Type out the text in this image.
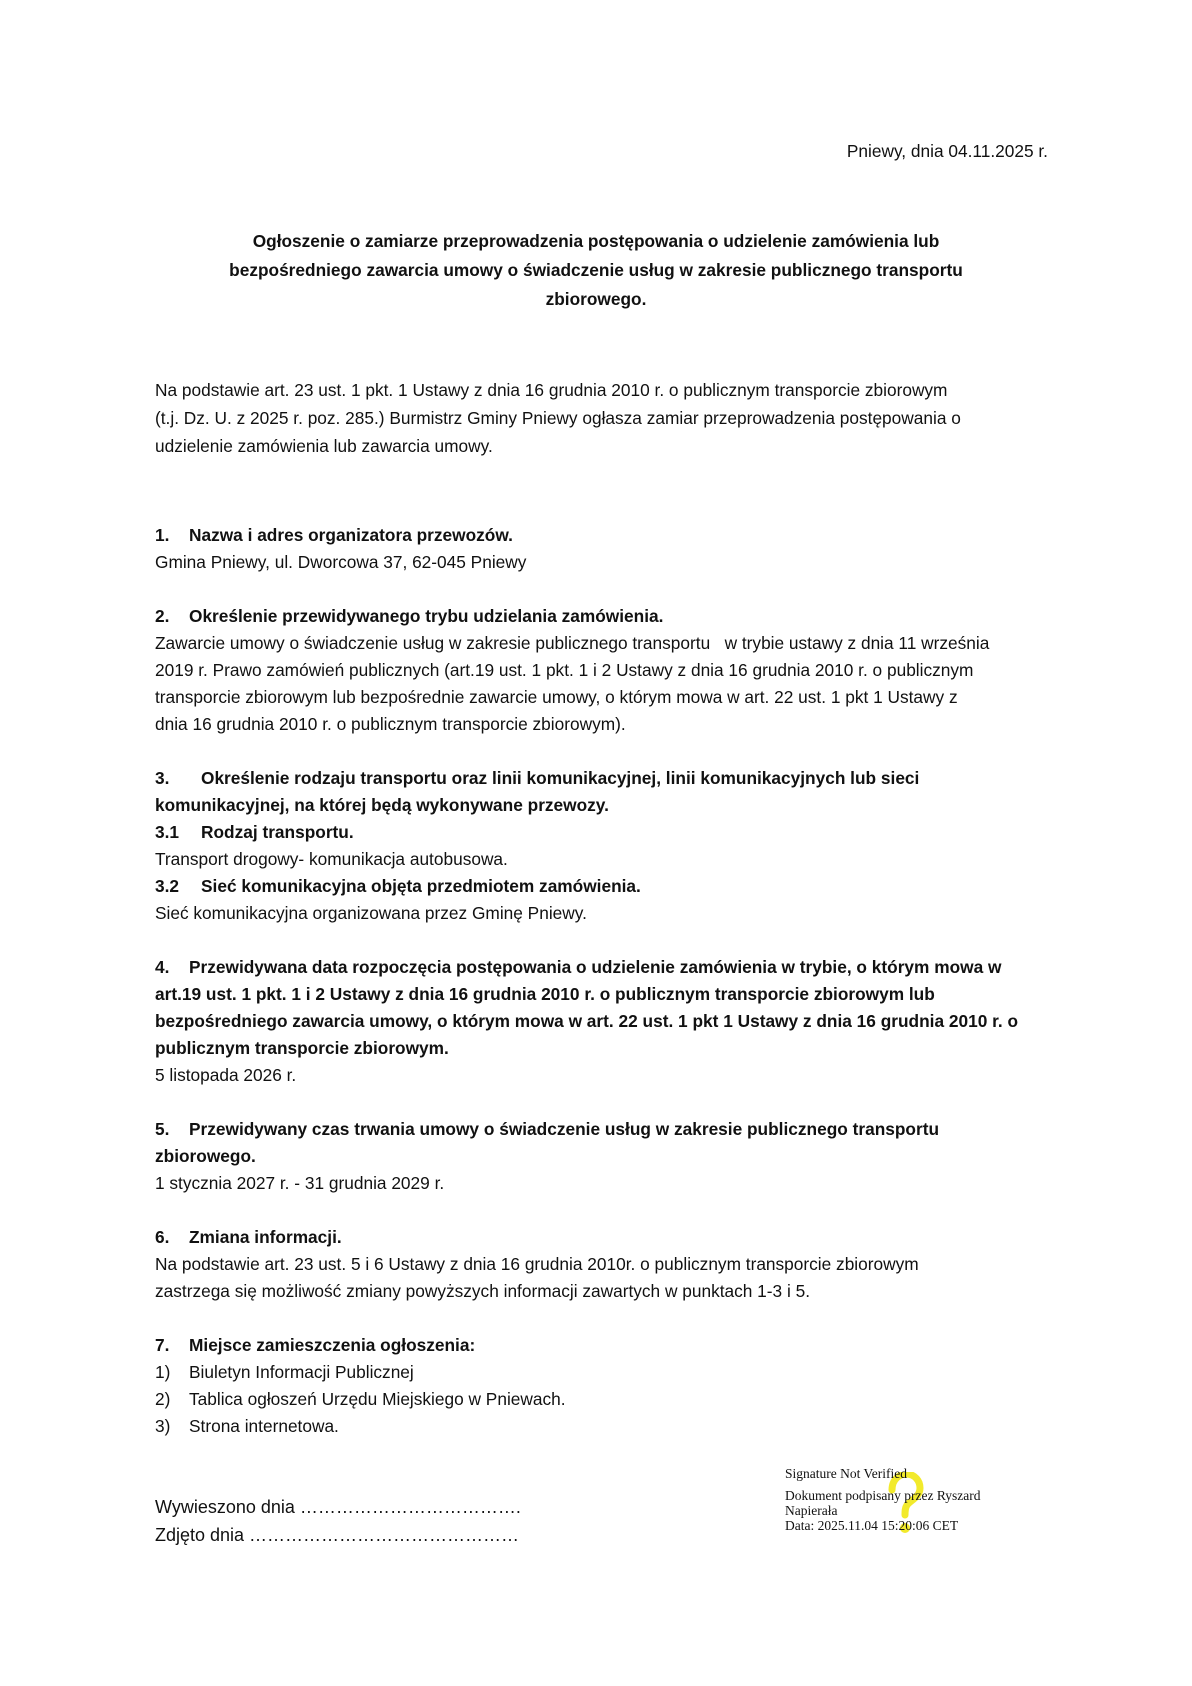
Pniewy, dnia 04.11.2025 r.
Ogłoszenie o zamiarze przeprowadzenia postępowania o udzielenie zamówienia lub
bezpośredniego zawarcia umowy o świadczenie usług w zakresie publicznego transportu
zbiorowego.
Na podstawie art. 23 ust. 1 pkt. 1 Ustawy z dnia 16 grudnia 2010 r. o publicznym transporcie zbiorowym
(t.j. Dz. U. z 2025 r. poz. 285.) Burmistrz Gminy Pniewy ogłasza zamiar przeprowadzenia postępowania o
udzielenie zamówienia lub zawarcia umowy.
1. Nazwa i adres organizatora przewozów.
Gmina Pniewy, ul. Dworcowa 37, 62-045 Pniewy
2. Określenie przewidywanego trybu udzielania zamówienia.
Zawarcie umowy o świadczenie usług w zakresie publicznego transportu   w trybie ustawy z dnia 11 września
2019 r. Prawo zamówień publicznych (art.19 ust. 1 pkt. 1 i 2 Ustawy z dnia 16 grudnia 2010 r. o publicznym
transporcie zbiorowym lub bezpośrednie zawarcie umowy, o którym mowa w art. 22 ust. 1 pkt 1 Ustawy z
dnia 16 grudnia 2010 r. o publicznym transporcie zbiorowym).
3. Określenie rodzaju transportu oraz linii komunikacyjnej, linii komunikacyjnych lub sieci
komunikacyjnej, na której będą wykonywane przewozy.
3.1 Rodzaj transportu.
Transport drogowy- komunikacja autobusowa.
3.2 Sieć komunikacyjna objęta przedmiotem zamówienia.
Sieć komunikacyjna organizowana przez Gminę Pniewy.
4. Przewidywana data rozpoczęcia postępowania o udzielenie zamówienia w trybie, o którym mowa w
art.19 ust. 1 pkt. 1 i 2 Ustawy z dnia 16 grudnia 2010 r. o publicznym transporcie zbiorowym lub
bezpośredniego zawarcia umowy, o którym mowa w art. 22 ust. 1 pkt 1 Ustawy z dnia 16 grudnia 2010 r. o
publicznym transporcie zbiorowym.
5 listopada 2026 r.
5. Przewidywany czas trwania umowy o świadczenie usług w zakresie publicznego transportu
zbiorowego.
1 stycznia 2027 r. - 31 grudnia 2029 r.
6. Zmiana informacji.
Na podstawie art. 23 ust. 5 i 6 Ustawy z dnia 16 grudnia 2010r. o publicznym transporcie zbiorowym
zastrzega się możliwość zmiany powyższych informacji zawartych w punktach 1-3 i 5.
7. Miejsce zamieszczenia ogłoszenia:
1)	Biuletyn Informacji Publicznej
2)	Tablica ogłoszeń Urzędu Miejskiego w Pniewach.
3)	Strona internetowa.
Wywieszono dnia ……………………………….
Zdjęto dnia ………………………………………
Signature Not Verified
Dokument podpisany przez Ryszard
Napierała
Data: 2025.11.04 15:20:06 CET
